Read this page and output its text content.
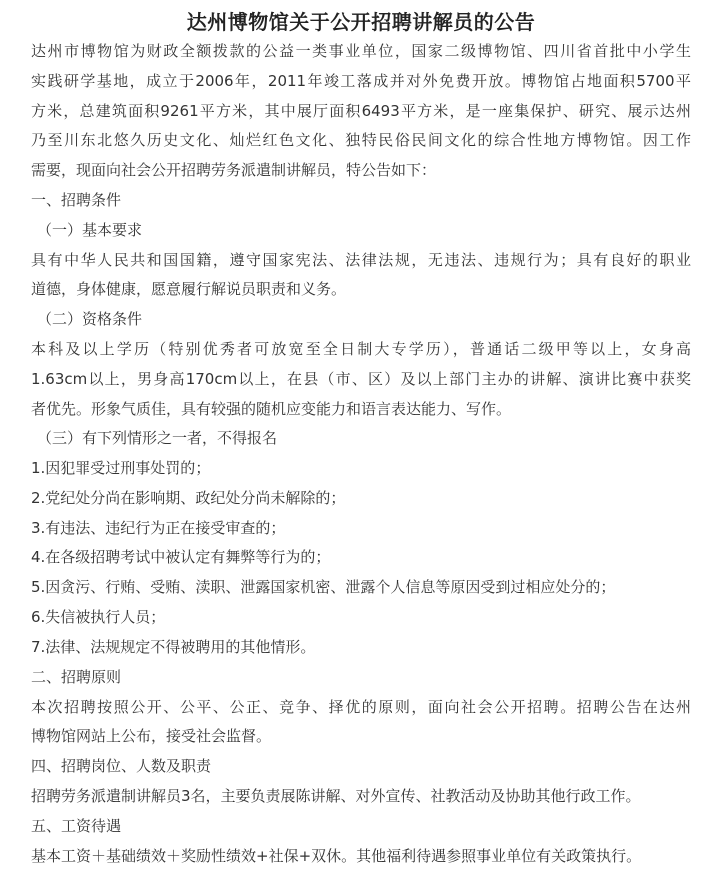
达州博物馆关于公开招聘讲解员的公告
达州市博物馆为财政全额拨款的公益一类事业单位，国家二级博物馆、四川省首批中小学生
实践研学基地，成立于2006年，2011年竣工落成并对外免费开放。博物馆占地面积5700平
方米，总建筑面积9261平方米，其中展厅面积6493平方米，是一座集保护、研究、展示达州
乃至川东北悠久历史文化、灿烂红色文化、独特民俗民间文化的综合性地方博物馆。因工作
需要，现面向社会公开招聘劳务派遣制讲解员，特公告如下：
一、招聘条件
（一）基本要求
具有中华人民共和国国籍，遵守国家宪法、法律法规，无违法、违规行为；具有良好的职业
道德，身体健康，愿意履行解说员职责和义务。
（二）资格条件
本科及以上学历（特别优秀者可放宽至全日制大专学历），普通话二级甲等以上，女身高
1.63cm以上，男身高170cm以上，在县（市、区）及以上部门主办的讲解、演讲比赛中获奖
者优先。形象气质佳，具有较强的随机应变能力和语言表达能力、写作。
（三）有下列情形之一者，不得报名
1.因犯罪受过刑事处罚的；
2.党纪处分尚在影响期、政纪处分尚未解除的；
3.有违法、违纪行为正在接受审查的；
4.在各级招聘考试中被认定有舞弊等行为的；
5.因贪污、行贿、受贿、渎职、泄露国家机密、泄露个人信息等原因受到过相应处分的；
6.失信被执行人员；
7.法律、法规规定不得被聘用的其他情形。
二、招聘原则
本次招聘按照公开、公平、公正、竞争、择优的原则，面向社会公开招聘。招聘公告在达州
博物馆网站上公布，接受社会监督。
四、招聘岗位、人数及职责
招聘劳务派遣制讲解员3名，主要负责展陈讲解、对外宣传、社教活动及协助其他行政工作。
五、工资待遇
基本工资＋基础绩效＋奖励性绩效+社保+双休。其他福利待遇参照事业单位有关政策执行。
